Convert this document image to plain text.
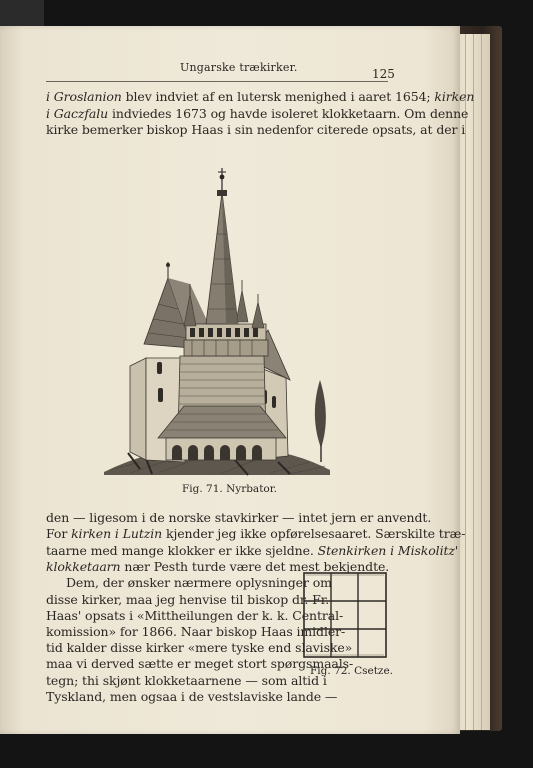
Ungarske trækirker.	125
i Groslanion blev indviet af en lutersk menighed i aaret 1654; kirken
i Gaczfalu indviedes 1673 og havde isoleret klokketaarn. Om denne
kirke bemerker biskop Haas i sin nedenfor citerede opsats, at der i
Fig. 71. Nyrbator.
den — ligesom i de norske stavkirker — intet jern er anvendt.
For kirken i Lutzin kjender jeg ikke opførelsesaaret. Særskilte træ-
taarne med mange klokker er ikke sjeldne. Stenkirken i Miskolitz'
klokketaarn nær Pesth turde være det mest bekjendte.
Dem, der ønsker nærmere oplysninger om
disse kirker, maa jeg henvise til biskop dr. Fr.
Haas' opsats i «Mittheilungen der k. k. Central-
komission» for 1866. Naar biskop Haas imidler-
tid kalder disse kirker «mere tyske end slaviske»
maa vi derved sætte er meget stort spørgsmaals-
tegn; thi skjønt klokketaarnene — som altid i
Tyskland, men ogsaa i de vestslaviske lande —
Fig. 72. Csetze.
